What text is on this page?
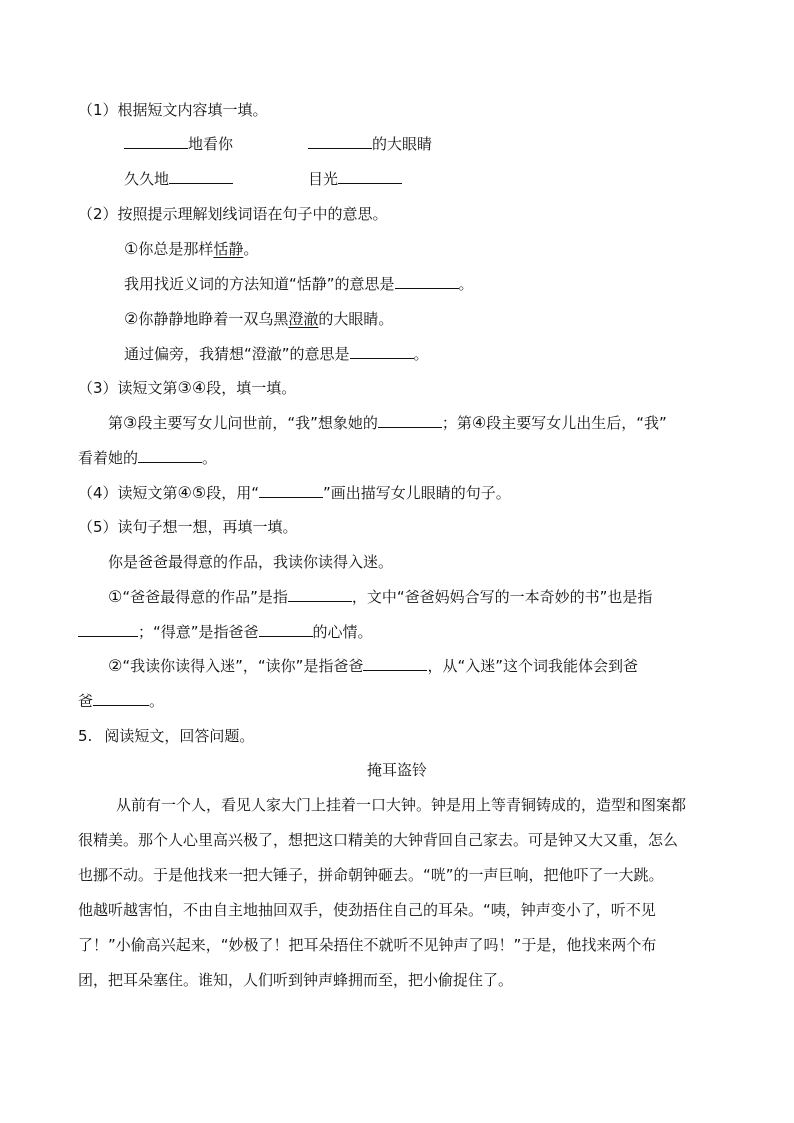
（1）根据短文内容填一填。
地看你	的大眼睛
久久地	目光
（2）按照提示理解划线词语在句子中的意思。
①你总是那样恬静。
我用找近义词的方法知道“恬静”的意思是	。
②你静静地睁着一双乌黑澄澈的大眼睛。
通过偏旁，我猜想“澄澈”的意思是	。
（3）读短文第③④段，填一填。
第③段主要写女儿问世前，“我”想象她的	；第④段主要写女儿出生后，“我”
看着她的	。
（4）读短文第④⑤段，用“	”画出描写女儿眼睛的句子。
（5）读句子想一想，再填一填。
你是爸爸最得意的作品，我读你读得入迷。
①“爸爸最得意的作品”是指	，文中“爸爸妈妈合写的一本奇妙的书”也是指
；“得意”是指爸爸	的心情。
②“我读你读得入迷”，“读你”是指爸爸	，从“入迷”这个词我能体会到爸
爸	。
5. 阅读短文，回答问题。
掩耳盗铃
从前有一个人，看见人家大门上挂着一口大钟。钟是用上等青铜铸成的，造型和图案都
很精美。那个人心里高兴极了，想把这口精美的大钟背回自己家去。可是钟又大又重，怎么
也挪不动。于是他找来一把大锤子，拼命朝钟砸去。“咣”的一声巨响，把他吓了一大跳。
他越听越害怕，不由自主地抽回双手，使劲捂住自己的耳朵。“咦，钟声变小了，听不见
了！”小偷高兴起来，“妙极了！把耳朵捂住不就听不见钟声了吗！”于是，他找来两个布
团，把耳朵塞住。谁知，人们听到钟声蜂拥而至，把小偷捉住了。
